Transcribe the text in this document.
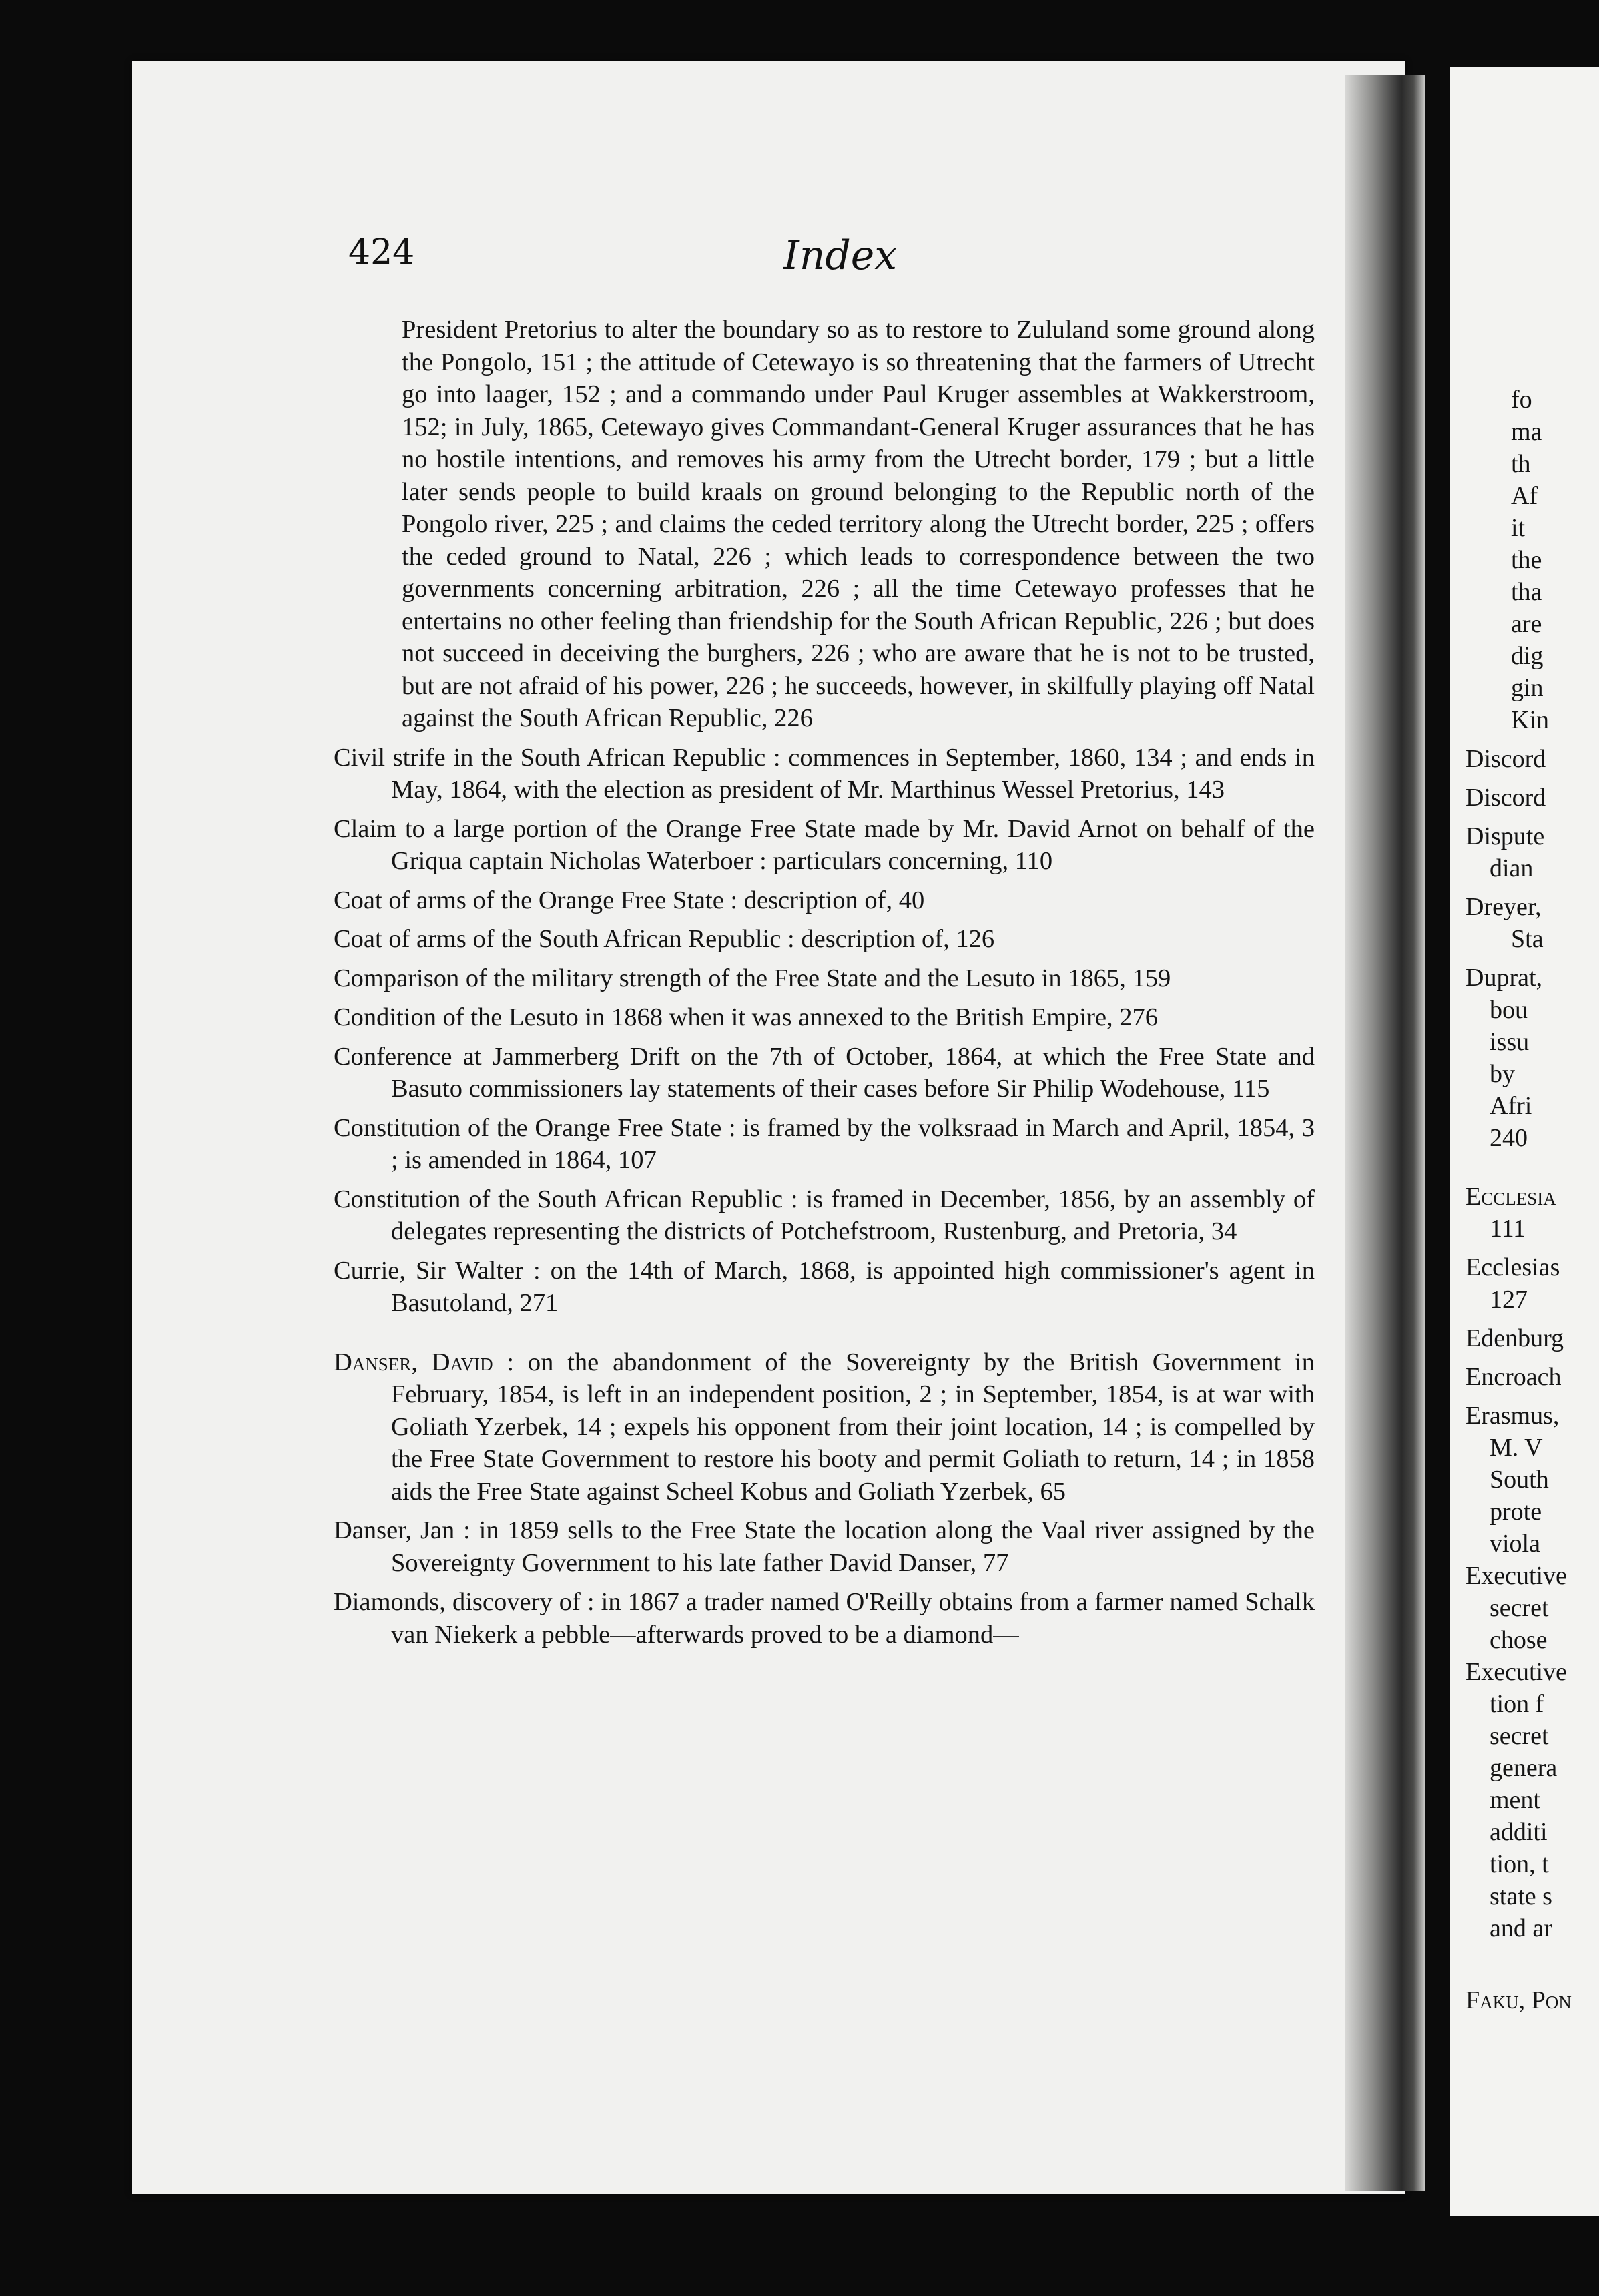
fo
ma
th
Af
it
the
tha
are
dig
gin
Kin
Discord
Discord
Dispute
dian
Dreyer,
Sta
Duprat,
bou
issu
by
Afri
240
Ecclesia
111
Ecclesias
127
Edenburg
Encroach
Erasmus,
M. V
South
prote
viola
Executive
secret
chose
Executive
tion f
secret
genera
ment
additi
tion, t
state s
and ar
Faku, Pon
424	Index

President Pretorius to alter the boundary so as to restore to Zululand some ground along the Pongolo, 151 ; the attitude of Cetewayo is so threatening that the farmers of Utrecht go into laager, 152 ; and a commando under Paul Kruger assembles at Wakkerstroom, 152; in July, 1865, Cetewayo gives Commandant-General Kruger assurances that he has no hostile intentions, and removes his army from the Utrecht border, 179 ; but a little later sends people to build kraals on ground belonging to the Republic north of the Pongolo river, 225 ; and claims the ceded territory along the Utrecht border, 225 ; offers the ceded ground to Natal, 226 ; which leads to correspondence between the two governments concerning arbitration, 226 ; all the time Cetewayo professes that he entertains no other feeling than friendship for the South African Republic, 226 ; but does not succeed in deceiving the burghers, 226 ; who are aware that he is not to be trusted, but are not afraid of his power, 226 ; he succeeds, however, in skilfully playing off Natal against the South African Republic, 226

Civil strife in the South African Republic : commences in September, 1860, 134 ; and ends in May, 1864, with the election as president of Mr. Marthinus Wessel Pretorius, 143

Claim to a large portion of the Orange Free State made by Mr. David Arnot on behalf of the Griqua captain Nicholas Waterboer : particulars concerning, 110

Coat of arms of the Orange Free State : description of, 40

Coat of arms of the South African Republic : description of, 126

Comparison of the military strength of the Free State and the Lesuto in 1865, 159

Condition of the Lesuto in 1868 when it was annexed to the British Empire, 276

Conference at Jammerberg Drift on the 7th of October, 1864, at which the Free State and Basuto commissioners lay statements of their cases before Sir Philip Wodehouse, 115

Constitution of the Orange Free State : is framed by the volksraad in March and April, 1854, 3 ; is amended in 1864, 107

Constitution of the South African Republic : is framed in December, 1856, by an assembly of delegates representing the districts of Potchefstroom, Rustenburg, and Pretoria, 34

Currie, Sir Walter : on the 14th of March, 1868, is appointed high commissioner's agent in Basutoland, 271

Danser, David : on the abandonment of the Sovereignty by the British Government in February, 1854, is left in an independent position, 2 ; in September, 1854, is at war with Goliath Yzerbek, 14 ; expels his opponent from their joint location, 14 ; is compelled by the Free State Government to restore his booty and permit Goliath to return, 14 ; in 1858 aids the Free State against Scheel Kobus and Goliath Yzerbek, 65

Danser, Jan : in 1859 sells to the Free State the location along the Vaal river assigned by the Sovereignty Government to his late father David Danser, 77

Diamonds, discovery of : in 1867 a trader named O'Reilly obtains from a farmer named Schalk van Niekerk a pebble—afterwards proved to be a diamond—
